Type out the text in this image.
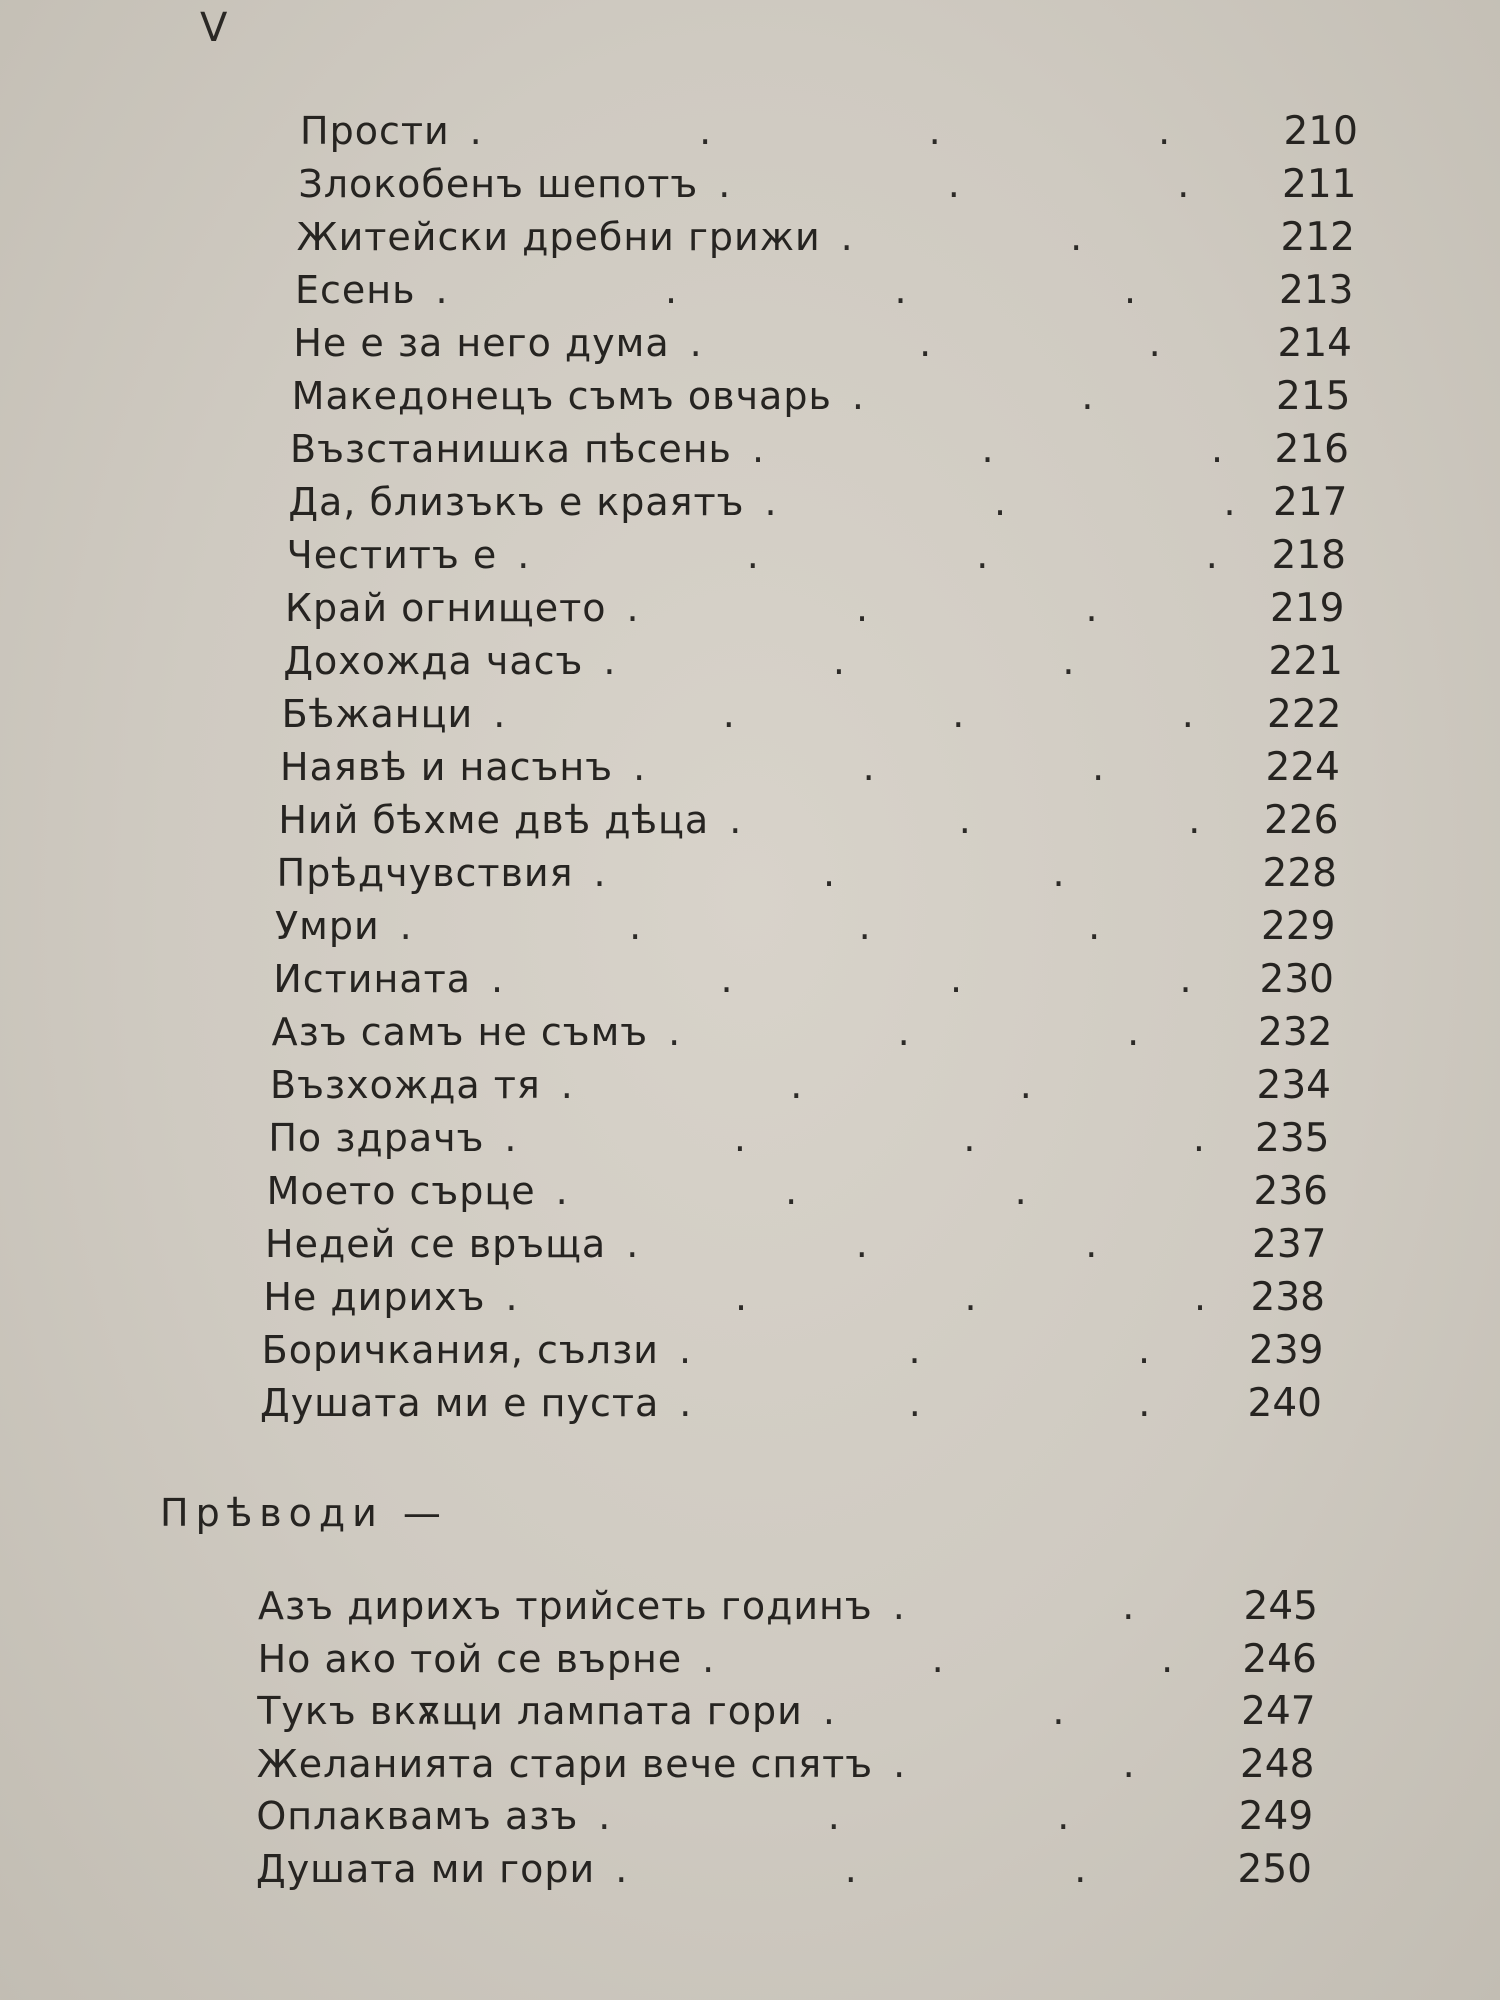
V
Прости .	210
Злокобенъ шепотъ .	211
Житейски дребни грижи .	212
Есень .	213
Не е за него дума .	214
Македонецъ съмъ овчарь .	215
Възстанишка пѣсень .	216
Да, близъкъ е краятъ .	217
Честитъ е .	218
Край огнището .	219
Дохожда часъ .	221
Бѣжанци .	222
Наявѣ и насънъ .	224
Ний бѣхме двѣ дѣца .	226
Прѣдчувствия .	228
Умри .	229
Истината .	230
Азъ самъ не съмъ .	232
Възхожда тя .	234
По здрачъ .	235
Моето сърце .	236
Недей се връща .	237
Не дирихъ .	238
Боричкания, сълзи .	239
Душата ми е пуста .	240
Прѣводи —
Азъ дирихъ трийсеть годинъ .	245
Но ако той се върне .	246
Тукъ вкѫщи лампата гори .	247
Желанията стари вече спятъ .	248
Оплаквамъ азъ .	249
Душата ми гори .	250
